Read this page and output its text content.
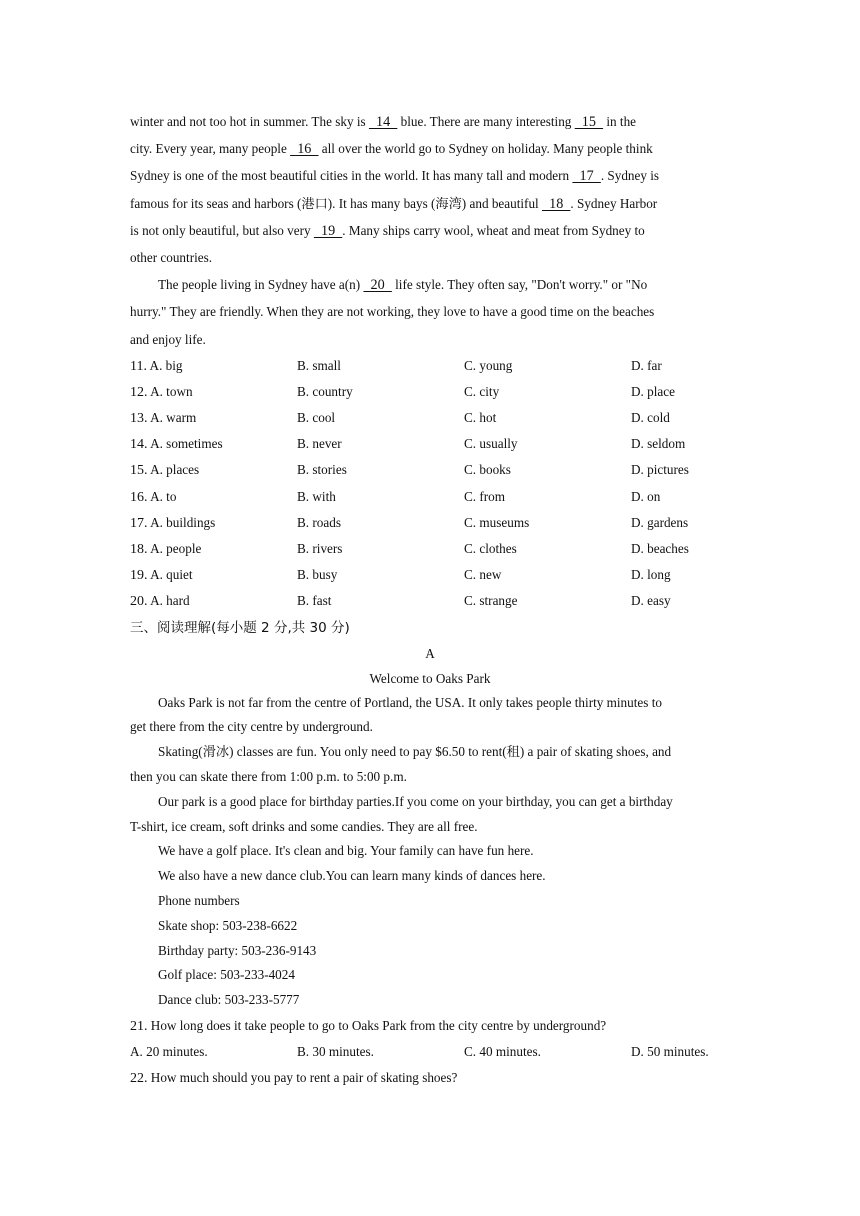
winter and not too hot in summer. The sky is   14   blue. There are many interesting   15   in the
city. Every year, many people   16   all over the world go to Sydney on holiday. Many people think
Sydney is one of the most beautiful cities in the world. It has many tall and modern   17  . Sydney is
famous for its seas and harbors (港口). It has many bays (海湾) and beautiful   18  . Sydney Harbor
is not only beautiful, but also very   19  . Many ships carry wool, wheat and meat from Sydney to
other countries.
The people living in Sydney have a(n)   20   life style. They often say, "Don't worry." or "No
hurry." They are friendly. When they are not working, they love to have a good time on the beaches
and enjoy life.
11. A. big	B. small	C. young	D. far
12. A. town	B. country	C. city	D. place
13. A. warm	B. cool	C. hot	D. cold
14. A. sometimes	B. never	C. usually	D. seldom
15. A. places	B. stories	C. books	D. pictures
16. A. to	B. with	C. from	D. on
17. A. buildings	B. roads	C. museums	D. gardens
18. A. people	B. rivers	C. clothes	D. beaches
19. A. quiet	B. busy	C. new	D. long
20. A. hard	B. fast	C. strange	D. easy
三、阅读理解(每小题 2 分,共 30 分)
A
Welcome to Oaks Park
Oaks Park is not far from the centre of Portland, the USA. It only takes people thirty minutes to
get there from the city centre by underground.
Skating(滑冰) classes are fun. You only need to pay $6.50 to rent(租) a pair of skating shoes, and
then you can skate there from 1:00 p.m. to 5:00 p.m.
Our park is a good place for birthday parties.If you come on your birthday, you can get a birthday
T-shirt, ice cream, soft drinks and some candies. They are all free.
We have a golf place. It's clean and big. Your family can have fun here.
We also have a new dance club.You can learn many kinds of dances here.
Phone numbers
Skate shop: 503-238-6622
Birthday party: 503-236-9143
Golf place: 503-233-4024
Dance club: 503-233-5777
21. How long does it take people to go to Oaks Park from the city centre by underground?
A. 20 minutes.	B. 30 minutes.	C. 40 minutes.	D. 50 minutes.
22. How much should you pay to rent a pair of skating shoes?
